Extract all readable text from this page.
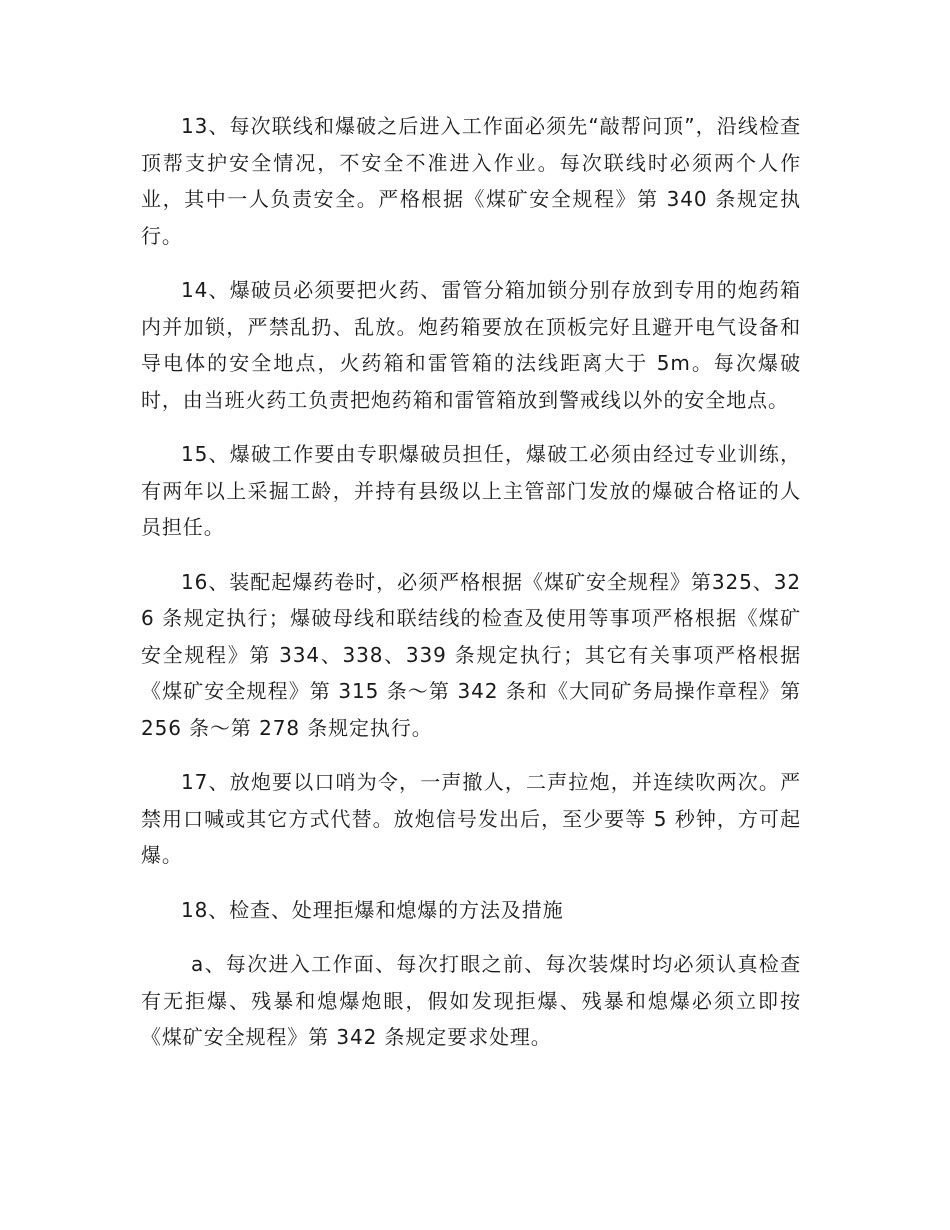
13、每次联线和爆破之后进入工作面必须先“敲帮问顶”，沿线检查顶帮支护安全情况，不安全不准进入作业。每次联线时必须两个人作业，其中一人负责安全。严格根据《煤矿安全规程》第 340 条规定执行。

14、爆破员必须要把火药、雷管分箱加锁分别存放到专用的炮药箱内并加锁，严禁乱扔、乱放。炮药箱要放在顶板完好且避开电气设备和导电体的安全地点，火药箱和雷管箱的法线距离大于 5m。每次爆破时，由当班火药工负责把炮药箱和雷管箱放到警戒线以外的安全地点。

15、爆破工作要由专职爆破员担任，爆破工必须由经过专业训练，有两年以上采掘工龄，并持有县级以上主管部门发放的爆破合格证的人员担任。

16、装配起爆药卷时，必须严格根据《煤矿安全规程》第325、326 条规定执行；爆破母线和联结线的检查及使用等事项严格根据《煤矿安全规程》第 334、338、339 条规定执行；其它有关事项严格根据《煤矿安全规程》第 315 条～第 342 条和《大同矿务局操作章程》第 256 条～第 278 条规定执行。

17、放炮要以口哨为令，一声撤人，二声拉炮，并连续吹两次。严禁用口喊或其它方式代替。放炮信号发出后，至少要等 5 秒钟，方可起爆。

18、检查、处理拒爆和熄爆的方法及措施

a、每次进入工作面、每次打眼之前、每次装煤时均必须认真检查有无拒爆、残暴和熄爆炮眼，假如发现拒爆、残暴和熄爆必须立即按《煤矿安全规程》第 342 条规定要求处理。
